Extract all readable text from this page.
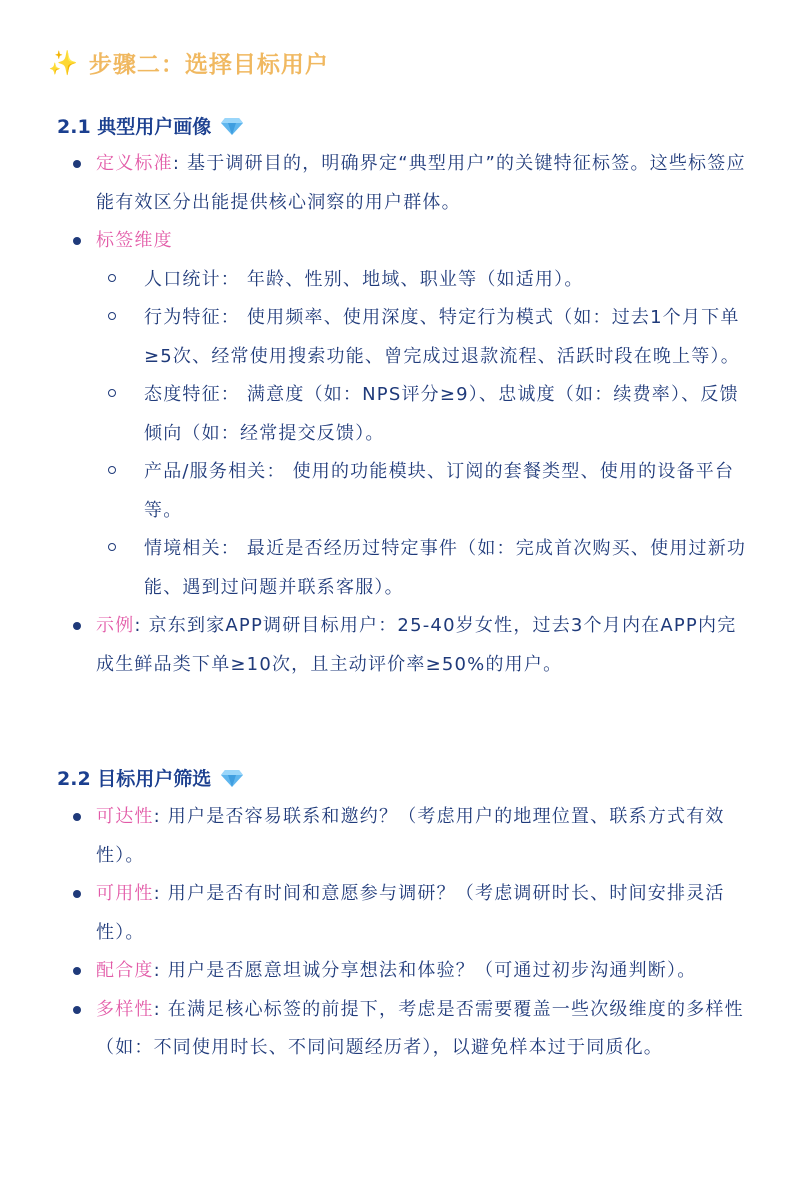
✨ 步骤二：选择目标用户
2.1 典型用户画像
定义标准: 基于调研目的，明确界定“典型用户”的关键特征标签。这些标签应能有效区分出能提供核心洞察的用户群体。
标签维度
人口统计： 年龄、性别、地域、职业等（如适用）。
行为特征： 使用频率、使用深度、特定行为模式（如：过去1个月下单≥5次、经常使用搜索功能、曾完成过退款流程、活跃时段在晚上等）。
态度特征： 满意度（如：NPS评分≥9）、忠诚度（如：续费率）、反馈倾向（如：经常提交反馈）。
产品/服务相关： 使用的功能模块、订阅的套餐类型、使用的设备平台等。
情境相关： 最近是否经历过特定事件（如：完成首次购买、使用过新功能、遇到过问题并联系客服）。
示例: 京东到家APP调研目标用户：25-40岁女性，过去3个月内在APP内完成生鲜品类下单≥10次，且主动评价率≥50%的用户。
2.2 目标用户筛选
可达性: 用户是否容易联系和邀约？（考虑用户的地理位置、联系方式有效性）。
可用性: 用户是否有时间和意愿参与调研？（考虑调研时长、时间安排灵活性）。
配合度: 用户是否愿意坦诚分享想法和体验？（可通过初步沟通判断）。
多样性: 在满足核心标签的前提下，考虑是否需要覆盖一些次级维度的多样性（如：不同使用时长、不同问题经历者），以避免样本过于同质化。
